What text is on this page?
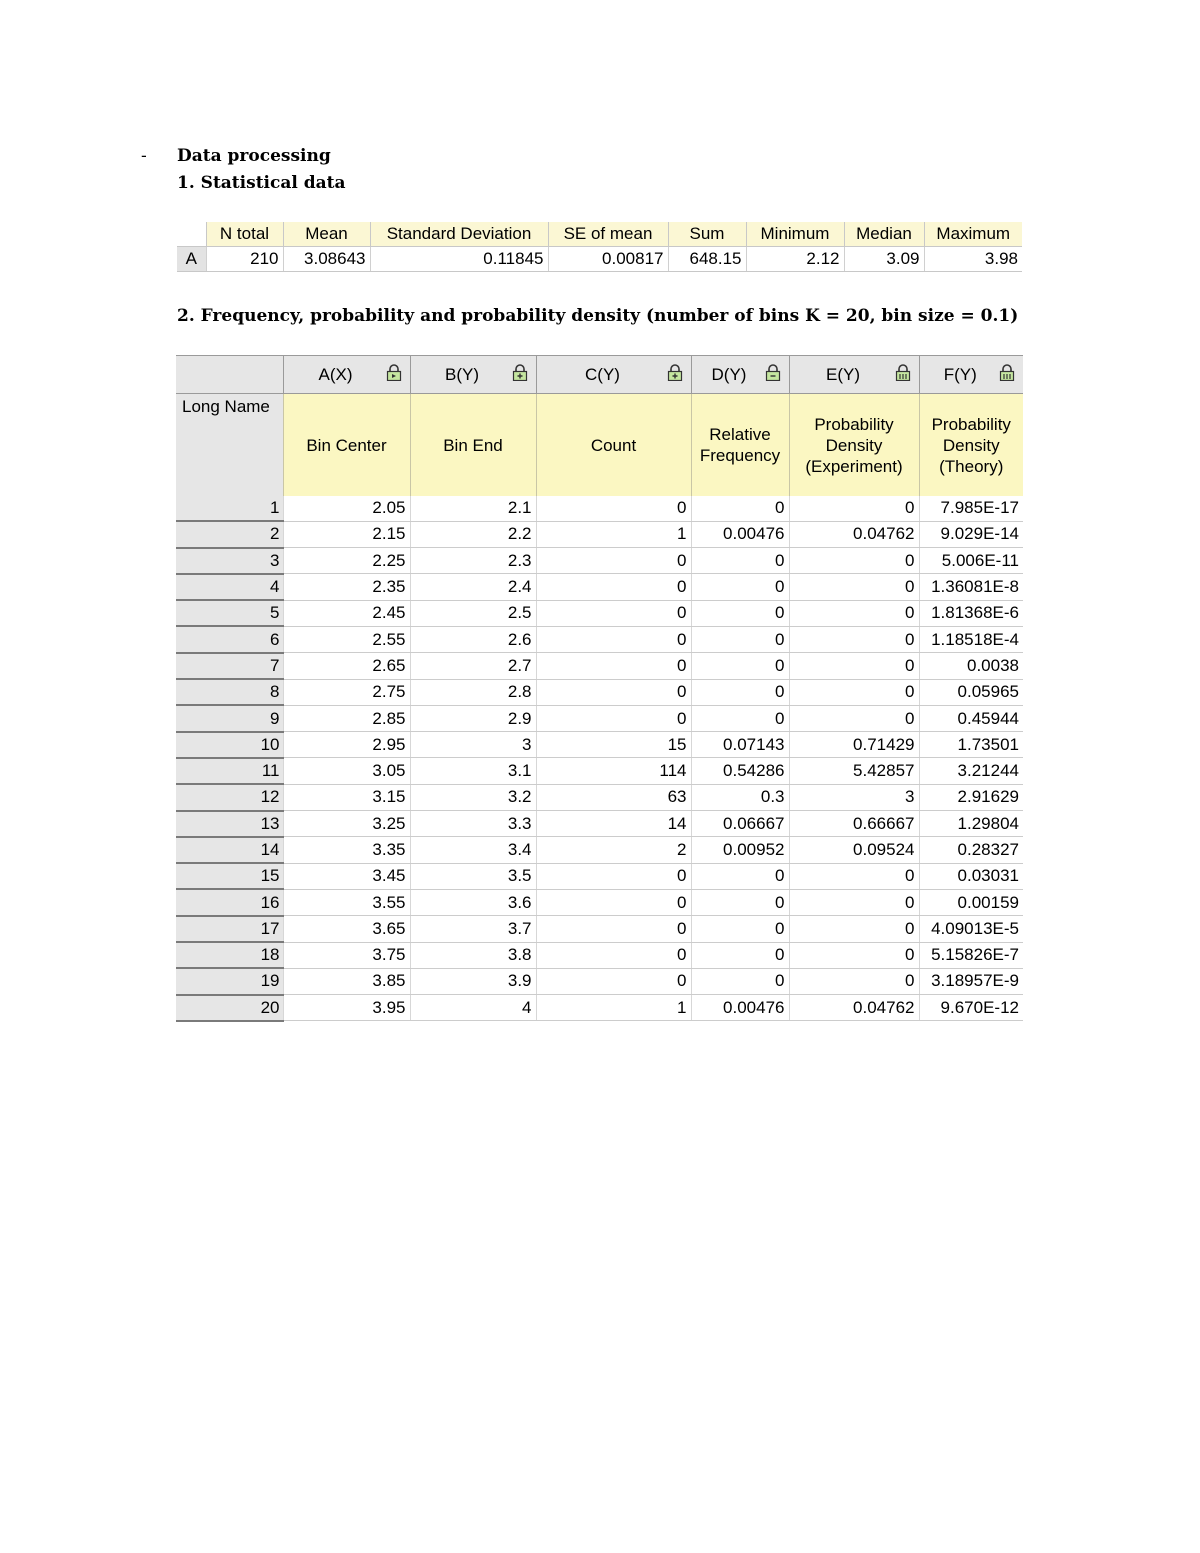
- Data processing
1. Statistical data
2. Frequency, probability and probability density (number of bins K = 20, bin size = 0.1)
	N total	Mean	Standard Deviation	SE of mean	Sum	Minimum	Median	Maximum
A	210	3.08643	0.11845	0.00817	648.15	2.12	3.09	3.98
	A(X)	B(Y)	C(Y)	D(Y)	E(Y)	F(Y)

Long Name	Bin Center	Bin End	Count	Relative Frequency	Probability Density (Experiment)	Probability Density (Theory)
1	2.05	2.1	0	0	0	7.985E-17
2	2.15	2.2	1	0.00476	0.04762	9.029E-14
3	2.25	2.3	0	0	0	5.006E-11
4	2.35	2.4	0	0	0	1.36081E-8
5	2.45	2.5	0	0	0	1.81368E-6
6	2.55	2.6	0	0	0	1.18518E-4
7	2.65	2.7	0	0	0	0.0038
8	2.75	2.8	0	0	0	0.05965
9	2.85	2.9	0	0	0	0.45944
10	2.95	3	15	0.07143	0.71429	1.73501
11	3.05	3.1	114	0.54286	5.42857	3.21244
12	3.15	3.2	63	0.3	3	2.91629
13	3.25	3.3	14	0.06667	0.66667	1.29804
14	3.35	3.4	2	0.00952	0.09524	0.28327
15	3.45	3.5	0	0	0	0.03031
16	3.55	3.6	0	0	0	0.00159
17	3.65	3.7	0	0	0	4.09013E-5
18	3.75	3.8	0	0	0	5.15826E-7
19	3.85	3.9	0	0	0	3.18957E-9
20	3.95	4	1	0.00476	0.04762	9.670E-12
